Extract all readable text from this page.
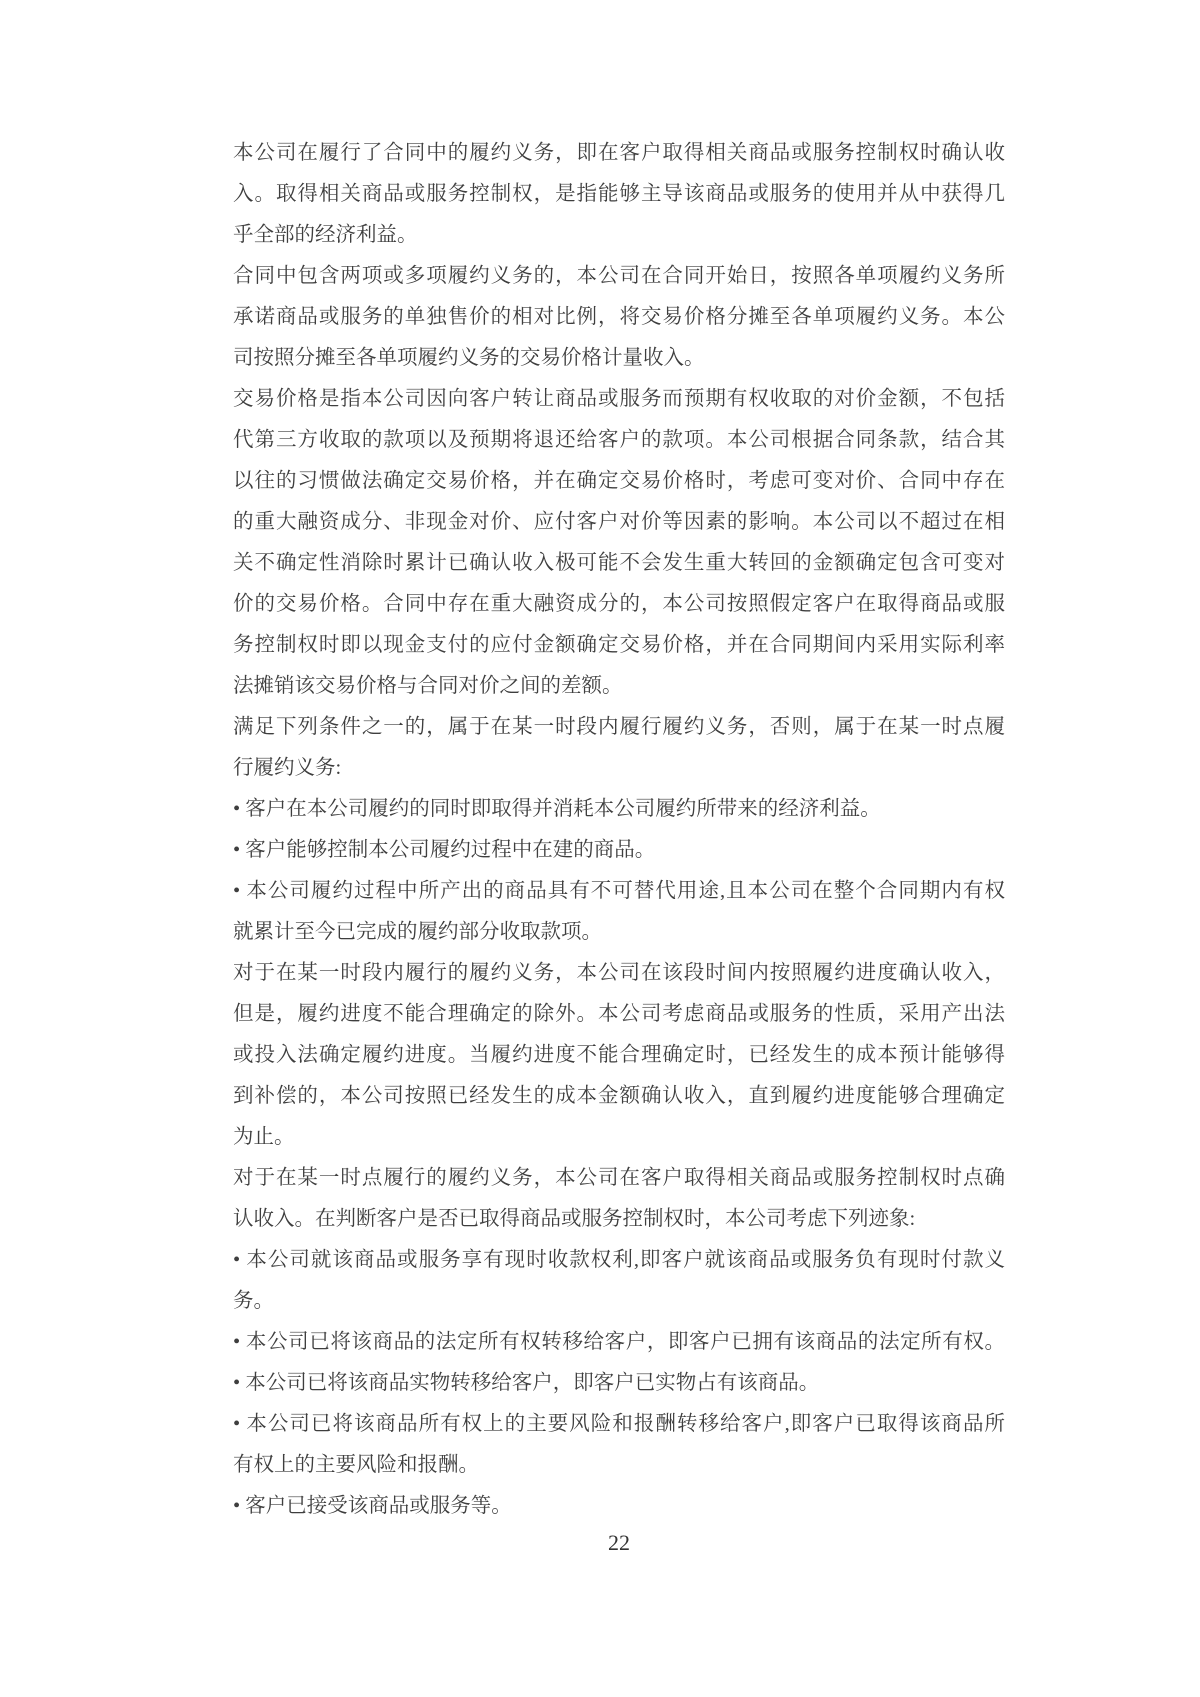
本公司在履行了合同中的履约义务，即在客户取得相关商品或服务控制权时确认收
入。取得相关商品或服务控制权，是指能够主导该商品或服务的使用并从中获得几
乎全部的经济利益。
合同中包含两项或多项履约义务的，本公司在合同开始日，按照各单项履约义务所
承诺商品或服务的单独售价的相对比例，将交易价格分摊至各单项履约义务。本公
司按照分摊至各单项履约义务的交易价格计量收入。
交易价格是指本公司因向客户转让商品或服务而预期有权收取的对价金额，不包括
代第三方收取的款项以及预期将退还给客户的款项。本公司根据合同条款，结合其
以往的习惯做法确定交易价格，并在确定交易价格时，考虑可变对价、合同中存在
的重大融资成分、非现金对价、应付客户对价等因素的影响。本公司以不超过在相
关不确定性消除时累计已确认收入极可能不会发生重大转回的金额确定包含可变对
价的交易价格。合同中存在重大融资成分的，本公司按照假定客户在取得商品或服
务控制权时即以现金支付的应付金额确定交易价格，并在合同期间内采用实际利率
法摊销该交易价格与合同对价之间的差额。
满足下列条件之一的，属于在某一时段内履行履约义务，否则，属于在某一时点履
行履约义务:
• 客户在本公司履约的同时即取得并消耗本公司履约所带来的经济利益。
• 客户能够控制本公司履约过程中在建的商品。
• 本公司履约过程中所产出的商品具有不可替代用途,且本公司在整个合同期内有权
就累计至今已完成的履约部分收取款项。
对于在某一时段内履行的履约义务，本公司在该段时间内按照履约进度确认收入，
但是，履约进度不能合理确定的除外。本公司考虑商品或服务的性质，采用产出法
或投入法确定履约进度。当履约进度不能合理确定时，已经发生的成本预计能够得
到补偿的，本公司按照已经发生的成本金额确认收入，直到履约进度能够合理确定
为止。
对于在某一时点履行的履约义务，本公司在客户取得相关商品或服务控制权时点确
认收入。在判断客户是否已取得商品或服务控制权时，本公司考虑下列迹象:
• 本公司就该商品或服务享有现时收款权利,即客户就该商品或服务负有现时付款义
务。
• 本公司已将该商品的法定所有权转移给客户，即客户已拥有该商品的法定所有权。
• 本公司已将该商品实物转移给客户，即客户已实物占有该商品。
• 本公司已将该商品所有权上的主要风险和报酬转移给客户,即客户已取得该商品所
有权上的主要风险和报酬。
• 客户已接受该商品或服务等。
22
